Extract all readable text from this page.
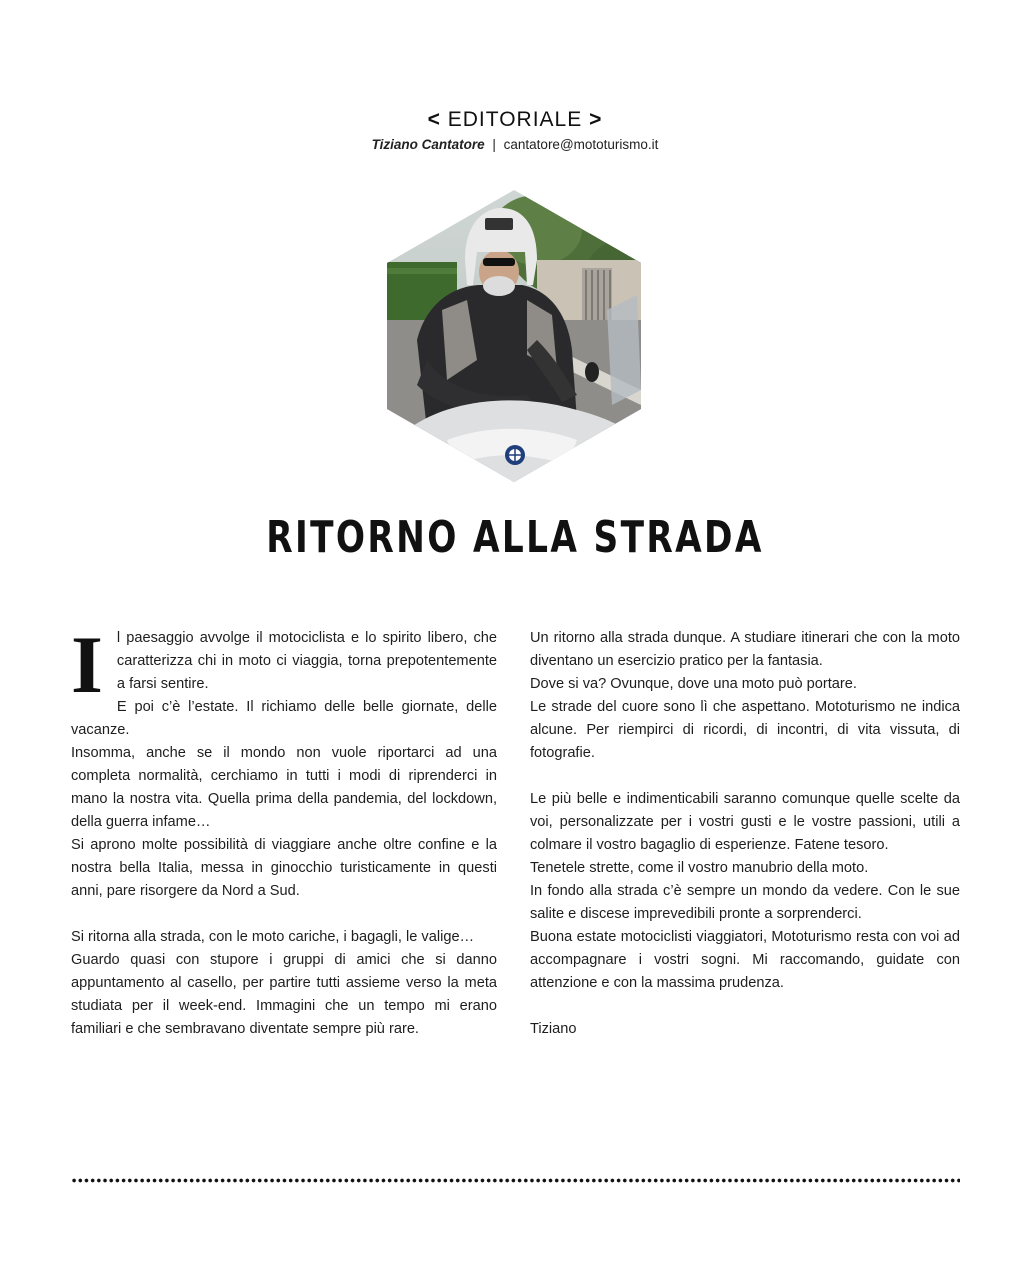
< EDITORIALE >
Tiziano Cantatore | cantatore@mototurismo.it
RITORNO ALLA STRADA
I l paesaggio avvolge il motociclista e lo spirito libero, che caratterizza chi in moto ci viaggia, torna prepotentemente a farsi sentire.

E poi c’è l’estate. Il richiamo delle belle giornate, delle vacanze.

Insomma, anche se il mondo non vuole riportarci ad una completa normalità, cerchiamo in tutti i modi di riprenderci in mano la nostra vita. Quella prima della pandemia, del lockdown, della guerra infame…

Si aprono molte possibilità di viaggiare anche oltre confine e la nostra bella Italia, messa in ginocchio turisticamente in questi anni, pare risorgere da Nord a Sud.

Si ritorna alla strada, con le moto cariche, i bagagli, le valige…

Guardo quasi con stupore i gruppi di amici che si danno appuntamento al casello, per partire tutti assieme verso la meta studiata per il week-end. Immagini che un tempo mi erano familiari e che sembravano diventate sempre più rare.

Un ritorno alla strada dunque. A studiare itinerari che con la moto diventano un esercizio pratico per la fantasia.

Dove si va? Ovunque, dove una moto può portare.

Le strade del cuore sono lì che aspettano. Mototurismo ne indica alcune. Per riempirci di ricordi, di incontri, di vita vissuta, di fotografie.

Le più belle e indimenticabili saranno comunque quelle scelte da voi, personalizzate per i vostri gusti e le vostre passioni, utili a colmare il vostro bagaglio di esperienze. Fatene tesoro.

Tenetele strette, come il vostro manubrio della moto.

In fondo alla strada c’è sempre un mondo da vedere. Con le sue salite e discese imprevedibili pronte a sorprenderci.

Buona estate motociclisti viaggiatori, Mototurismo resta con voi ad accompagnare i vostri sogni. Mi raccomando, guidate con attenzione e con la massima prudenza.

Tiziano
